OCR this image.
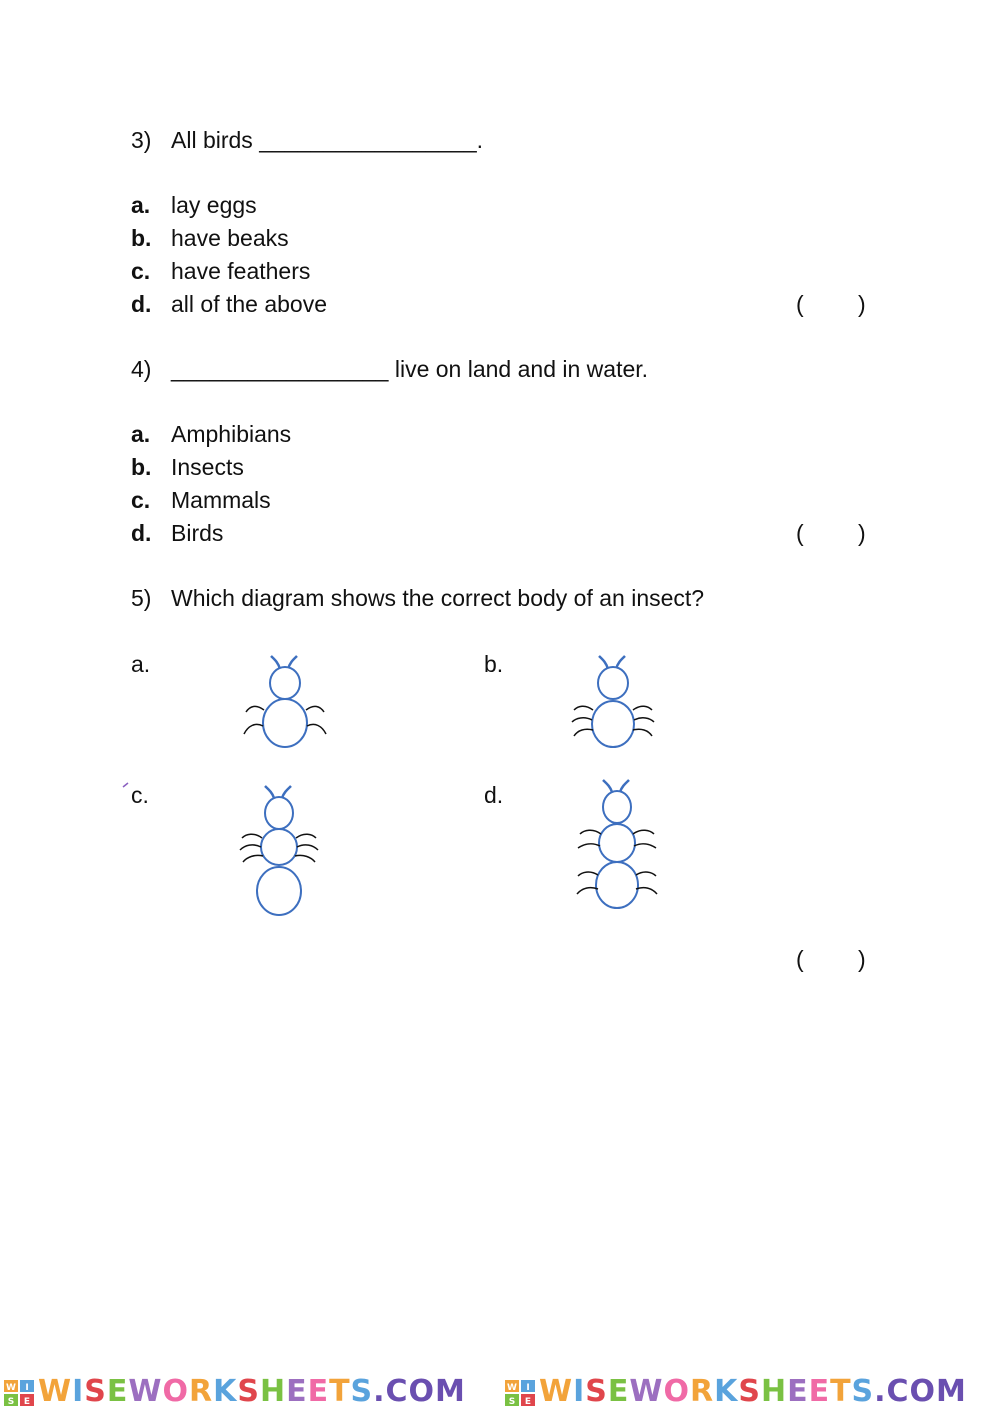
3) All birds _________________.
a. lay eggs
b. have beaks
c. have feathers
d. all of the above	( )
4) _________________ live on land and in water.
a. Amphibians
b. Insects
c. Mammals
d. Birds	( )
5) Which diagram shows the correct body of an insect?
a.	b.
c.	d.
( )
W I
S E WISEWORKSHEETS.COM	W I
S E WISEWORKSHEETS.COM
